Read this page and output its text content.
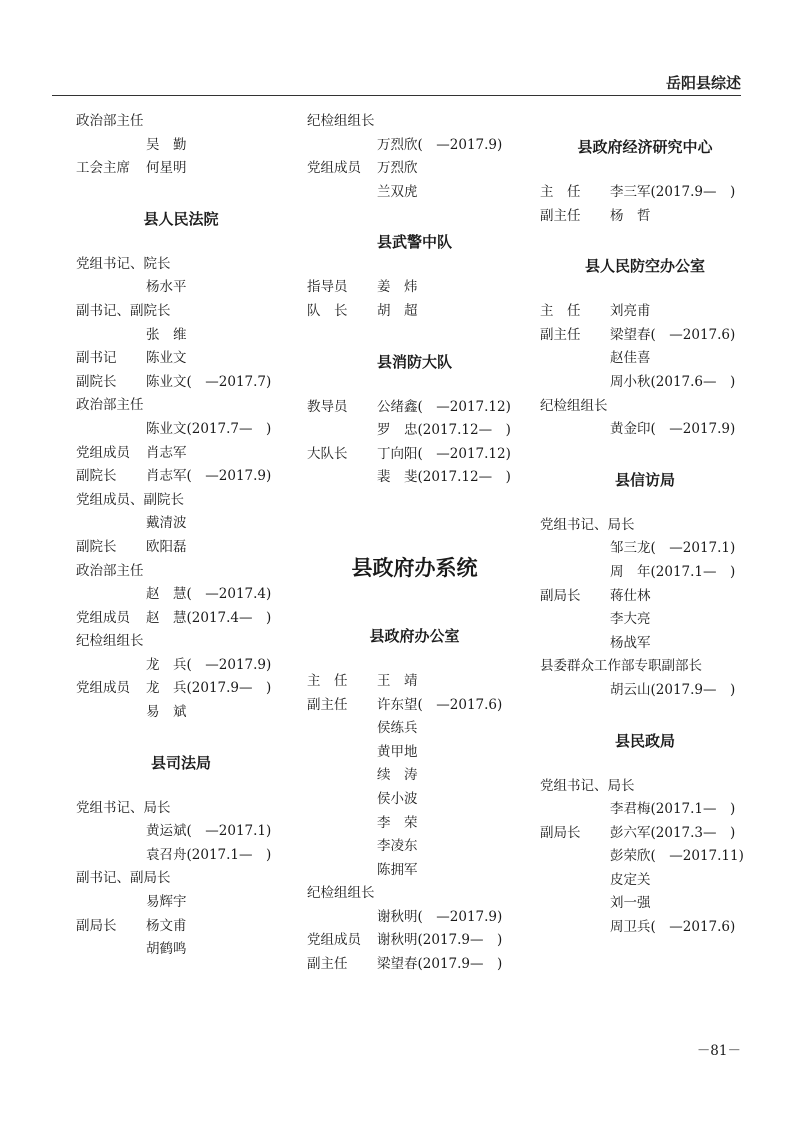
岳阳县综述
政治部主任
吴　勤
工会主席 何星明
县人民法院
党组书记、院长
杨水平
副书记、副院长
张　维
副书记 陈业文
副院长 陈业文(　—2017.7)
政治部主任
陈业文(2017.7—　)
党组成员 肖志军
副院长 肖志军(　—2017.9)
党组成员、副院长
戴清波
副院长 欧阳磊
政治部主任
赵　慧(　—2017.4)
党组成员 赵　慧(2017.4—　)
纪检组组长
龙　兵(　—2017.9)
党组成员 龙　兵(2017.9—　)
易　斌
县司法局
党组书记、局长
黄运斌(　—2017.1)
袁召舟(2017.1—　)
副书记、副局长
易辉宇
副局长 杨文甫
胡鹤鸣
纪检组组长
万烈欣(　—2017.9)
党组成员 万烈欣
兰双虎
县武警中队
指导员 姜　炜
队　长 胡　超
县消防大队
教导员 公绪鑫(　—2017.12)
罗　忠(2017.12—　)
大队长 丁向阳(　—2017.12)
裴　斐(2017.12—　)
县政府办系统
县政府办公室
主　任 王　靖
副主任 许东望(　—2017.6)
侯练兵
黄甲地
续　涛
侯小波
李　荣
李凌东
陈拥军
纪检组组长
谢秋明(　—2017.9)
党组成员 谢秋明(2017.9—　)
副主任 梁望春(2017.9—　)
县政府经济研究中心
主　任 李三军(2017.9—　)
副主任 杨　哲
县人民防空办公室
主　任 刘亮甫
副主任 梁望春(　—2017.6)
赵佳喜
周小秋(2017.6—　)
纪检组组长
黄金印(　—2017.9)
县信访局
党组书记、局长
邹三龙(　—2017.1)
周　年(2017.1—　)
副局长 蒋仕林
李大亮
杨战军
县委群众工作部专职副部长
胡云山(2017.9—　)
县民政局
党组书记、局长
李君梅(2017.1—　)
副局长 彭六军(2017.3—　)
彭荣欣(　—2017.11)
皮定关
刘一强
周卫兵(　—2017.6)
－81－
